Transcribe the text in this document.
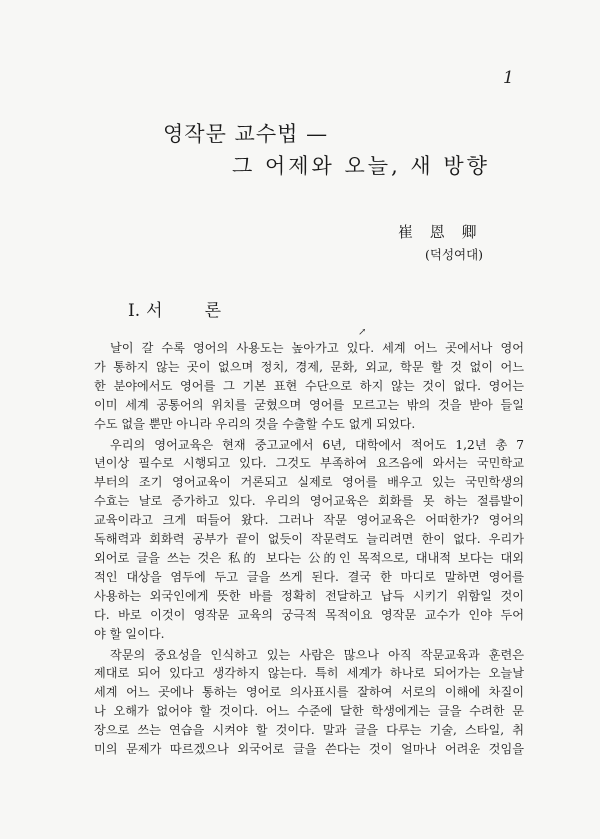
1
영작문 교수법 —
그 어제와 오늘, 새 방향
崔 恩 卿
(덕성여대)
I. 서 론
↗
날이 갈 수록 영어의 사용도는 높아가고 있다. 세계 어느 곳에서나 영어
가 통하지 않는 곳이 없으며 정치, 경제, 문화, 외교, 학문 할 것 없이 어느
한 분야에서도 영어를 그 기본 표현 수단으로 하지 않는 것이 없다. 영어는
이미 세계 공통어의 위치를 굳혔으며 영어를 모르고는 밖의 것을 받아 들일
수도 없을 뿐만 아니라 우리의 것을 수출할 수도 없게 되었다.
우리의 영어교육은 현재 중고교에서 6년, 대학에서 적어도 1,2년 총 7
년이상 필수로 시행되고 있다. 그것도 부족하여 요즈음에 와서는 국민학교
부터의 조기 영어교육이 거론되고 실제로 영어를 배우고 있는 국민학생의
수효는 날로 증가하고 있다. 우리의 영어교육은 회화를 못 하는 절름발이
교육이라고 크게 떠들어 왔다. 그러나 작문 영어교육은 어떠한가? 영어의
독해력과 회화력 공부가 끝이 없듯이 작문력도 늘리려면 한이 없다. 우리가
외어로 글을 쓰는 것은 私的 보다는 公的인 목적으로, 대내적 보다는 대외
적인 대상을 염두에 두고 글을 쓰게 된다. 결국 한 마디로 말하면 영어를
사용하는 외국인에게 뜻한 바를 정확히 전달하고 납득 시키기 위함일 것이
다. 바로 이것이 영작문 교육의 궁극적 목적이요 영작문 교수가 인야 두어
야 할 일이다.
작문의 중요성을 인식하고 있는 사람은 많으나 아직 작문교육과 훈련은
제대로 되어 있다고 생각하지 않는다. 특히 세계가 하나로 되어가는 오늘날
세계 어느 곳에나 통하는 영어로 의사표시를 잘하여 서로의 이해에 차질이
나 오해가 없어야 할 것이다. 어느 수준에 달한 학생에게는 글을 수려한 문
장으로 쓰는 연습을 시켜야 할 것이다. 말과 글을 다루는 기술, 스타일, 취
미의 문제가 따르겠으나 외국어로 글을 쓴다는 것이 얼마나 어려운 것임을
